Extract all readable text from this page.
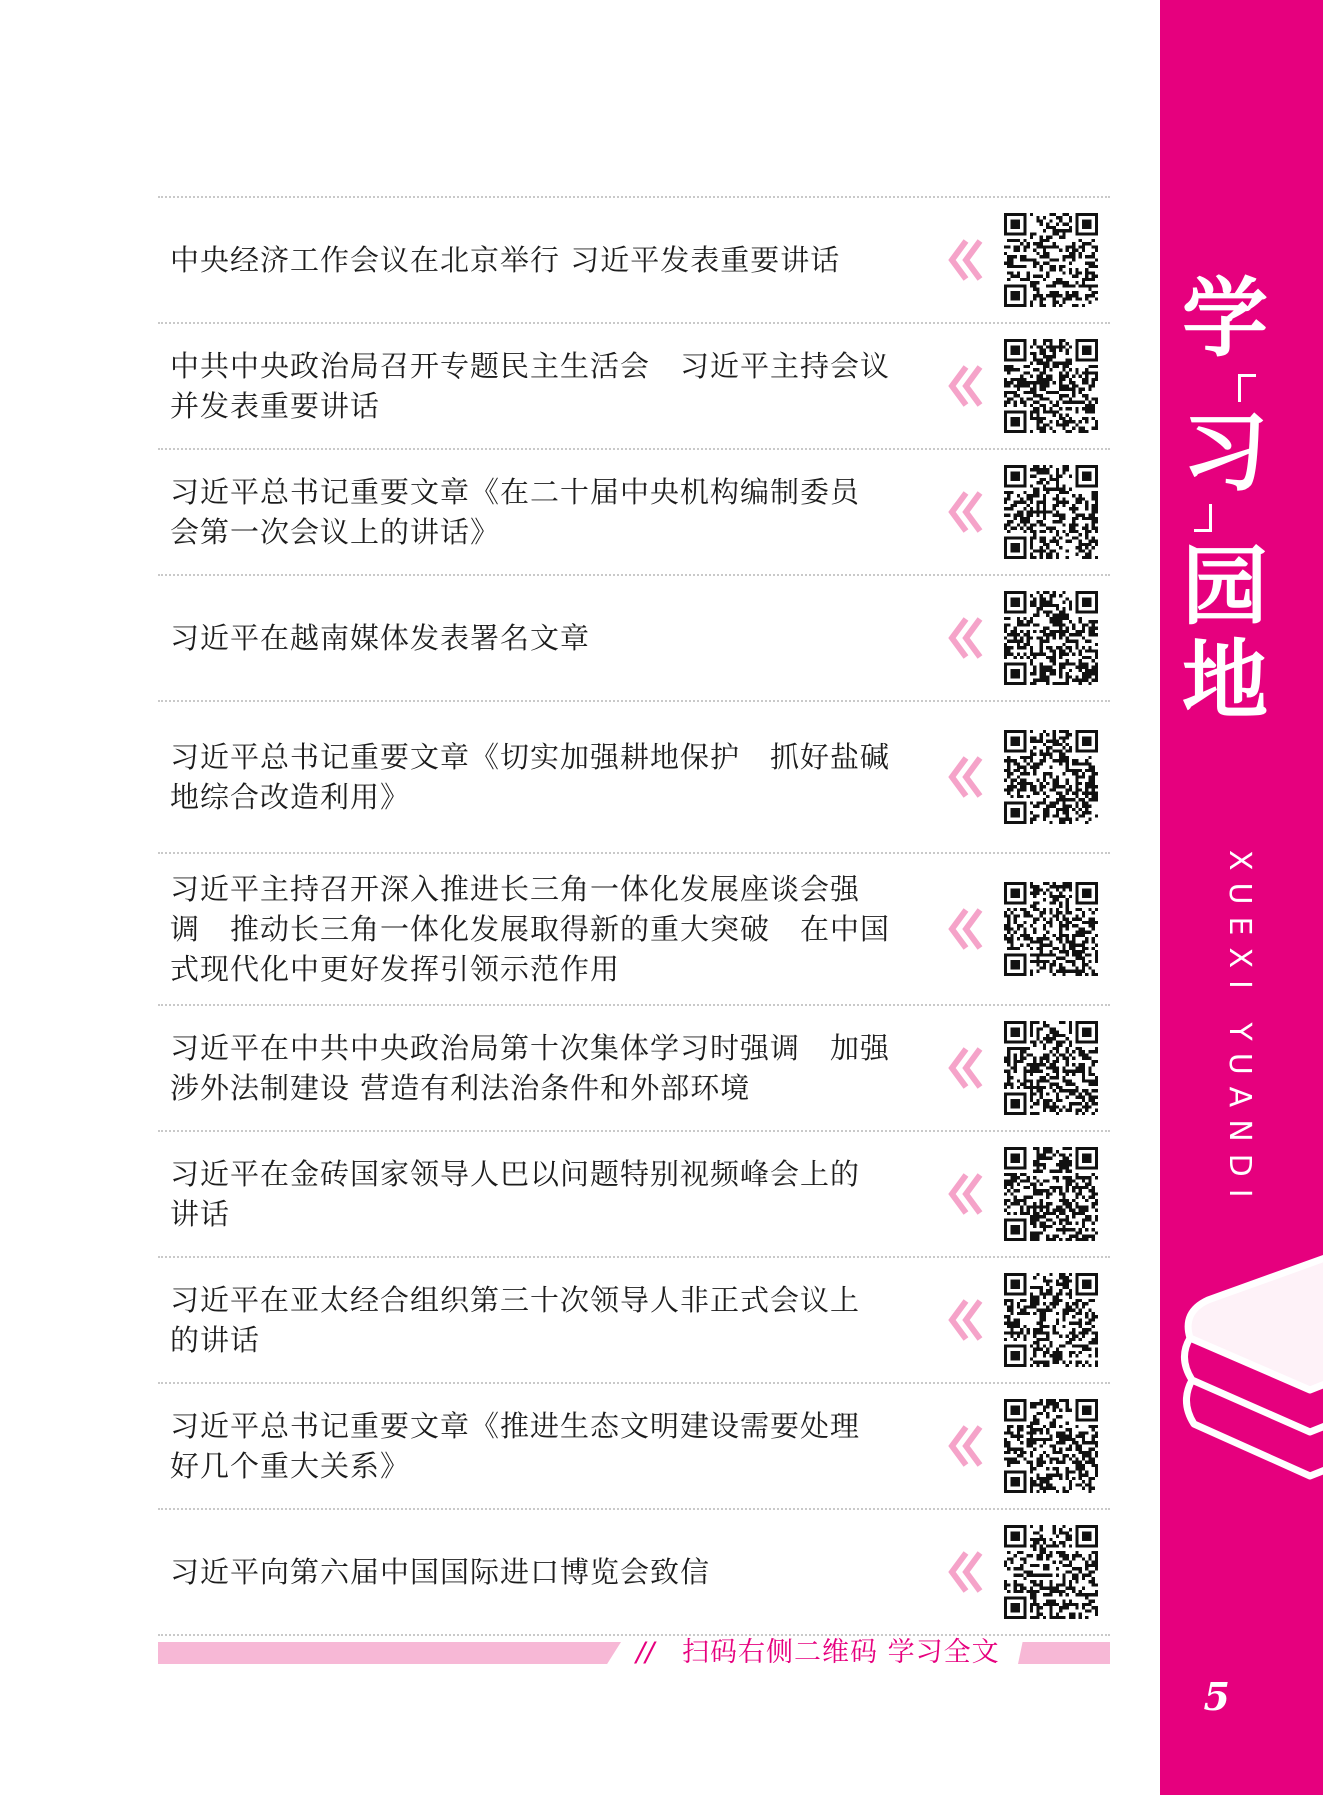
中央经济工作会议在北京举行 习近平发表重要讲话
中共中央政治局召开专题民主生活会　习近平主持会议
并发表重要讲话
习近平总书记重要文章《在二十届中央机构编制委员
会第一次会议上的讲话》
习近平在越南媒体发表署名文章
习近平总书记重要文章《切实加强耕地保护　抓好盐碱
地综合改造利用》
习近平主持召开深入推进长三角一体化发展座谈会强
调　推动长三角一体化发展取得新的重大突破　在中国
式现代化中更好发挥引领示范作用
习近平在中共中央政治局第十次集体学习时强调　加强
涉外法制建设 营造有利法治条件和外部环境
习近平在金砖国家领导人巴以问题特别视频峰会上的
讲话
习近平在亚太经合组织第三十次领导人非正式会议上
的讲话
习近平总书记重要文章《推进生态文明建设需要处理
好几个重大关系》
习近平向第六届中国国际进口博览会致信
// 扫码右侧二维码 学习全文
学
习
园
地
XUEXI YUANDI
5
